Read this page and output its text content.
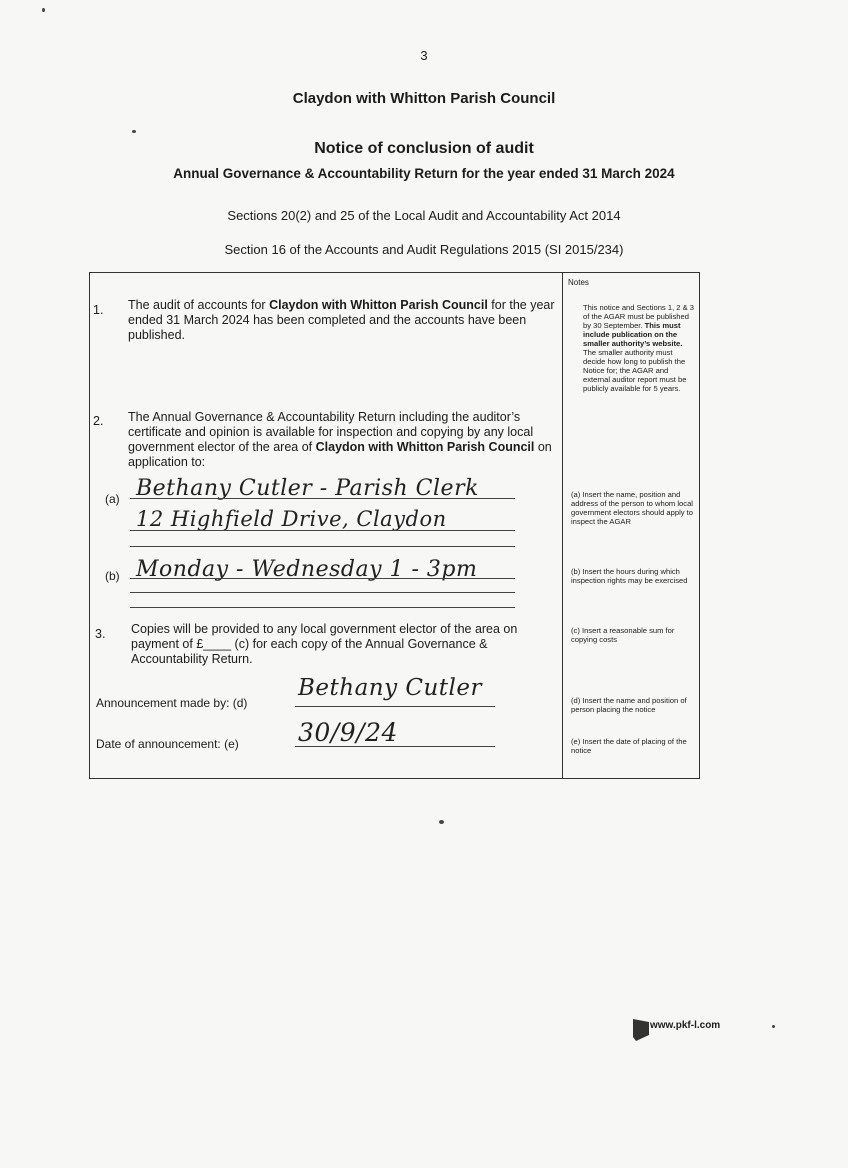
3
Claydon with Whitton Parish Council
Notice of conclusion of audit
Annual Governance & Accountability Return for the year ended 31 March 2024
Sections 20(2) and 25 of the Local Audit and Accountability Act 2014
Section 16 of the Accounts and Audit Regulations 2015 (SI 2015/234)
Notes
1. The audit of accounts for Claydon with Whitton Parish Council for the year ended 31 March 2024 has been completed and the accounts have been published.
2. The Annual Governance & Accountability Return including the auditor’s certificate and opinion is available for inspection and copying by any local government elector of the area of Claydon with Whitton Parish Council on application to:
(a) Bethany Cutler - Parish Clerk
12 Highfield Drive, Claydon
(b) Monday - Wednesday 1 - 3pm
3. Copies will be provided to any local government elector of the area on payment of £____ (c) for each copy of the Annual Governance & Accountability Return.
Announcement made by: (d)
Bethany Cutler
Date of announcement: (e) 30/9/24
This notice and Sections 1, 2 & 3 of the AGAR must be published by 30 September. This must include publication on the smaller authority’s website. The smaller authority must decide how long to publish the Notice for; the AGAR and external auditor report must be publicly available for 5 years.
(a) Insert the name, position and address of the person to whom local government electors should apply to inspect the AGAR
(b) Insert the hours during which inspection rights may be exercised
(c) Insert a reasonable sum for copying costs
(d) Insert the name and position of person placing the notice
(e) Insert the date of placing of the notice
www.pkf-l.com
